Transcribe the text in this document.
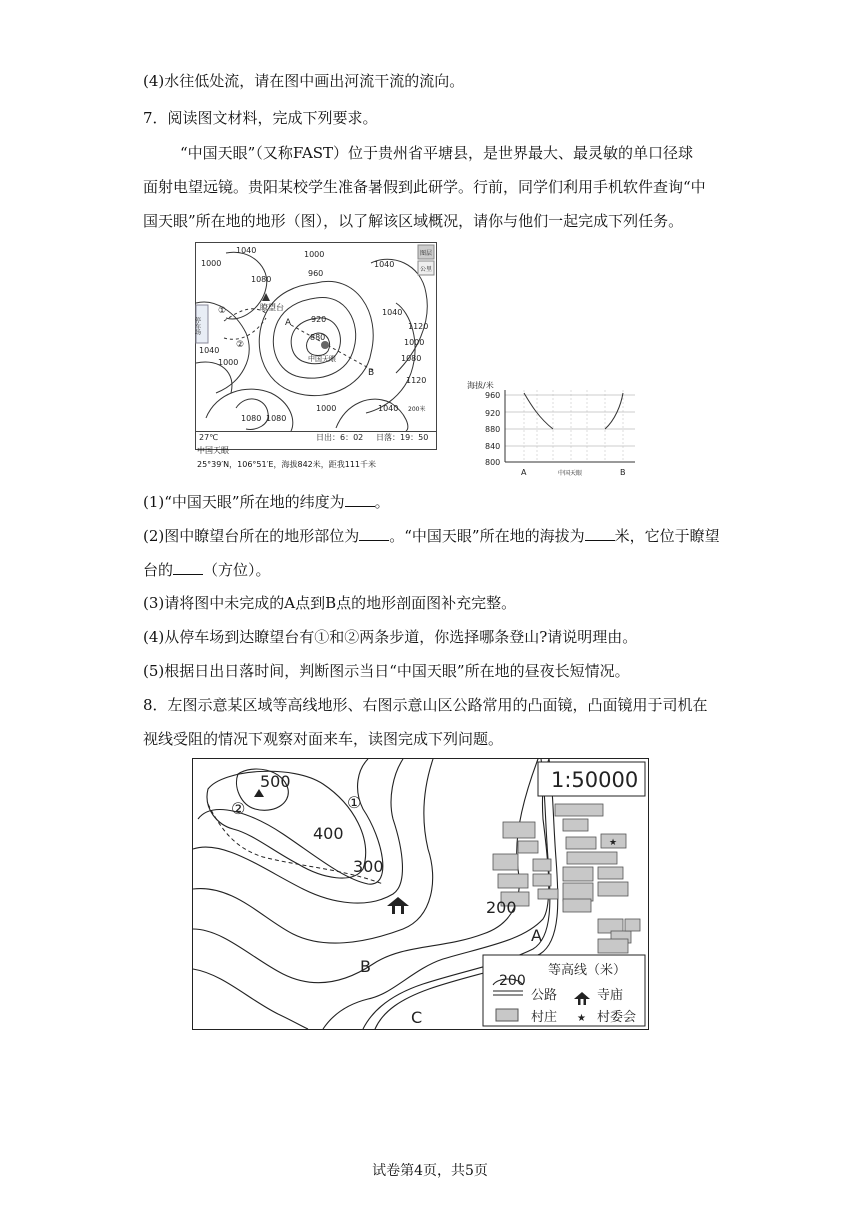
(4)水往低处流，请在图中画出河流干流的流向。
7．阅读图文材料，完成下列要求。
“中国天眼”（又称FAST）位于贵州省平塘县，是世界最大、最灵敏的单口径球
面射电望远镜。贵阳某校学生准备暑假到此研学。行前，同学们利用手机软件查询“中
国天眼”所在地的地形（图），以了解该区域概况，请你与他们一起完成下列任务。
1040
1000
1080
1040
1000
960
1000
920
880
1040
1120
1040
1080
1000
1040
1080 1080
1120
1000
中国天眼
瞭望台
停车场	A
B
①
②
200米
图层
公里
27℃	日出：6：02 日落：19：50
中国天眼
25°39′N，106°51′E，海拔842米，距我111千米
海拔/米
960
920
880
840
800
A	中国天眼	B
(1)“中国天眼”所在地的纬度为 。
(2)图中瞭望台所在的地形部位为 。“中国天眼”所在地的海拔为 米，它位于瞭望
台的 （方位）。
(3)请将图中未完成的A点到B点的地形剖面图补充完整。
(4)从停车场到达瞭望台有①和②两条步道，你选择哪条登山?请说明理由。
(5)根据日出日落时间，判断图示当日“中国天眼”所在地的昼夜长短情况。
8．左图示意某区域等高线地形、右图示意山区公路常用的凸面镜，凸面镜用于司机在
视线受阻的情况下观察对面来车，读图完成下列问题。
1:50000
500
400
300
200
①
②
A
B
C
200
等高线（米）
公路	寺庙
村庄 ★ 村委会
★
试卷第4页，共5页
